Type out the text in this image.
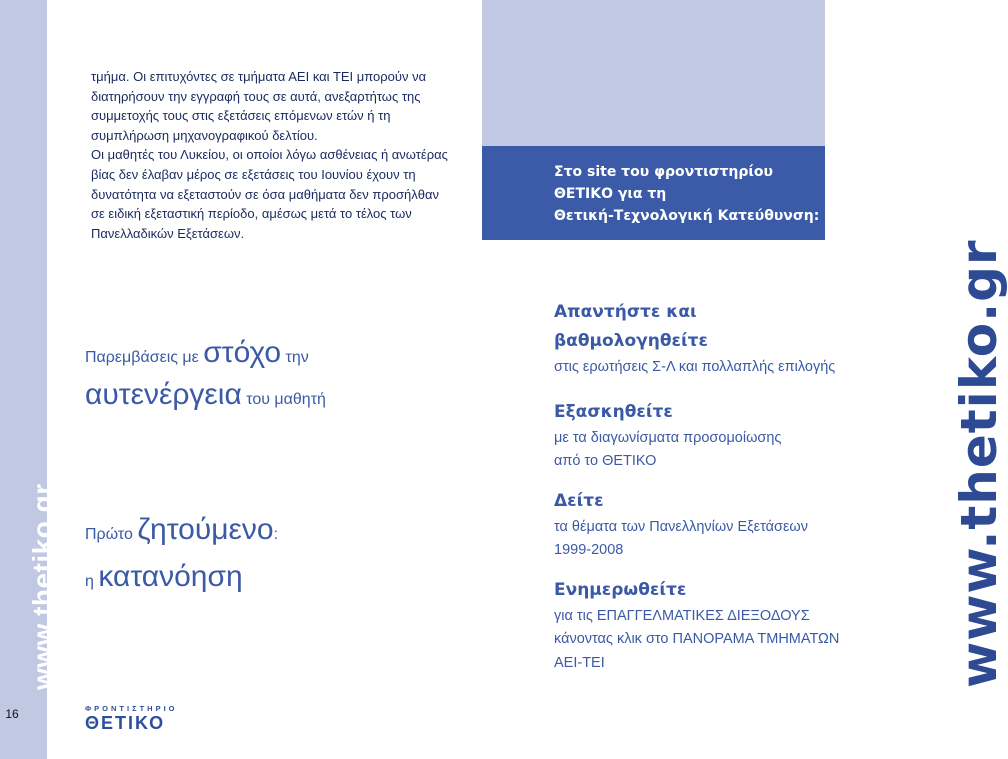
www.thetiko.gr
16

τμήμα. Οι επιτυχόντες σε τμήματα ΑΕΙ και ΤΕΙ μπορούν να διατηρήσουν την εγγραφή τους σε αυτά, ανεξαρτήτως της συμμετοχής τους στις εξετάσεις επόμενων ετών ή τη συμπλήρωση μηχανογραφικού δελτίου.

Οι μαθητές του Λυκείου, οι οποίοι λόγω ασθένειας ή ανωτέρας βίας δεν έλαβαν μέρος σε εξετάσεις του Ιουνίου έχουν τη δυνατότητα να εξεταστούν σε όσα μαθήματα δεν προσήλθαν σε ειδική εξεταστική περίοδο, αμέσως μετά το τέλος των Πανελλαδικών Εξετάσεων.

Παρεμβάσεις με στόχο την
αυτενέργεια του μαθητή
Πρώτο ζητούμενο:
η κατανόηση
ΦΡΟΝΤΙΣΤΗΡΙΟ
ΘΕΤΙΚΟ
Στο site του φροντιστηρίου
ΘΕΤΙΚΟ για τη
Θετική-Τεχνολογική Κατεύθυνση:
Απαντήστε και
βαθμολογηθείτε
στις ερωτήσεις Σ-Λ και πολλαπλής επιλογής
Εξασκηθείτε
με τα διαγωνίσματα προσομοίωσης
από το ΘΕΤΙΚΟ
Δείτε
τα θέματα των Πανελληνίων Εξετάσεων
1999-2008
Ενημερωθείτε
για τις ΕΠΑΓΓΕΛΜΑΤΙΚΕΣ ΔΙΕΞΟΔΟΥΣ
κάνοντας κλικ στο ΠΑΝΟΡΑΜΑ ΤΜΗΜΑΤΩΝ
ΑΕΙ-ΤΕΙ	www.thetiko.gr
